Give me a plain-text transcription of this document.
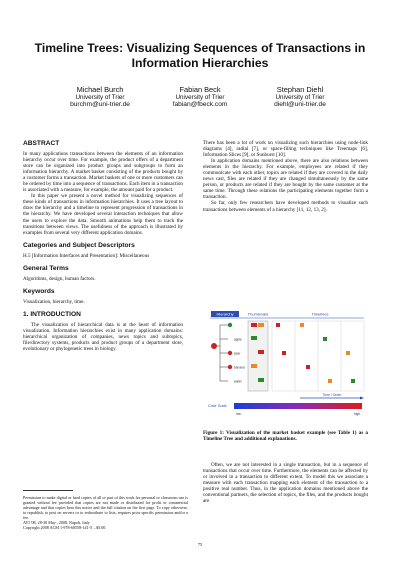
Timeline Trees: Visualizing Sequences of Transactions in
Information Hierarchies
Michael Burch
University of Trier
burchm@uni-trier.de
Fabian Beck
University of Trier
fabian@fbeck.com
Stephan Diehl
University of Trier
diehl@uni-trier.de
ABSTRACT

In many applications transactions between the elements of an information hierarchy occur over time. For example, the product offers of a department store can be organized into product groups and subgroups to form an information hierarchy. A market basket consisting of the products bought by a customer forms a transaction. Market baskets of one or more customers can be ordered by time into a sequence of transactions. Each item in a transaction is associated with a measure, for example, the amount paid for a product.

In this paper we present a novel method for visualizing sequences of these kinds of transactions in information hierarchies. It uses a tree layout to draw the hierarchy and a timeline to represent progression of transactions in the hierarchy. We have developed several interaction techniques that allow the users to explore the data. Smooth animations help them to track the transitions between views. The usefulness of the approach is illustrated by examples from several very different application domains.

Categories and Subject Descriptors

H.5 [Information Interfaces and Presentation]: Miscellaneous

General Terms

Algorithms, design, human factors.

Keywords

Visualization, hierarchy, time.

1. INTRODUCTION

The visualization of hierarchical data is at the heart of information visualization. Information hierarchies exist in many application domains: hierarchical organization of companies, news topics and subtopics, file/directory systems, products and product groups of a department store, evolutionary or phylogenetic trees in biology.

Permission to make digital or hard copies of all or part of this work for personal or classroom use is granted without fee provided that copies are not made or distributed for profit or commercial advantage and that copies bear this notice and the full citation on the first page. To copy otherwise, to republish, to post on servers or to redistribute to lists, requires prior specific permission and/or a fee.

AVI '08, 28-30 May , 2008, Napoli, Italy
Copyright 2008 ACM 1-978-60558-141-5 ...$5.00.

There has been a lot of work on visualizing such hierarchies using node-link diagrams [4], radial [7], or space-filling techniques like Treemaps [6], Information Slices [9], or Sunburst [10].

In application domains mentioned above, there are also relations between elements in the hierarchy. For example, employees are related if they communicate with each other, topics are related if they are covered in the daily news cast, files are related if they are changed simultaneously by the same person, or products are related if they are bought by the same customer at the same time. Through these relations the participating elements together form a transaction.

So far, only few researchers have developed methods to visualize such transactions between elements of a hierarchy [11, 12, 13, 2].

Hierarchy	Thumbnails	Timelines
apple
pear
banana
water
Time / Order
Color Scale
low	high
Figure 1: Visualization of the market basket example (see Table 1) as a Timeline Tree and additional explanations.

Often, we are not interested in a single transaction, but in a sequence of transactions that occur over time. Furthermore, the elements can be affected by or involved in a transaction to different extent. To model this we associate a measure with each transaction mapping each element of the transaction to a positive real number. Thus, in the application domains mentioned above the conventional partners, the selection of topics, the files, and the products bought are

75
